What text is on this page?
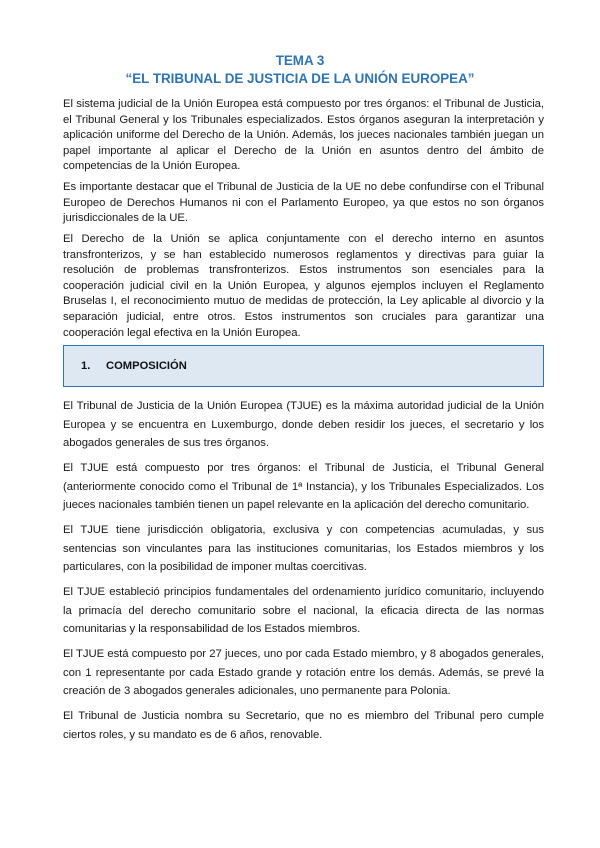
TEMA 3
“EL TRIBUNAL DE JUSTICIA DE LA UNIÓN EUROPEA”

El sistema judicial de la Unión Europea está compuesto por tres órganos: el Tribunal de Justicia, el Tribunal General y los Tribunales especializados. Estos órganos aseguran la interpretación y aplicación uniforme del Derecho de la Unión. Además, los jueces nacionales también juegan un papel importante al aplicar el Derecho de la Unión en asuntos dentro del ámbito de competencias de la Unión Europea.

Es importante destacar que el Tribunal de Justicia de la UE no debe confundirse con el Tribunal Europeo de Derechos Humanos ni con el Parlamento Europeo, ya que estos no son órganos jurisdiccionales de la UE.

El Derecho de la Unión se aplica conjuntamente con el derecho interno en asuntos transfronterizos, y se han establecido numerosos reglamentos y directivas para guiar la resolución de problemas transfronterizos. Estos instrumentos son esenciales para la cooperación judicial civil en la Unión Europea, y algunos ejemplos incluyen el Reglamento Bruselas I, el reconocimiento mutuo de medidas de protección, la Ley aplicable al divorcio y la separación judicial, entre otros. Estos instrumentos son cruciales para garantizar una cooperación legal efectiva en la Unión Europea.

1. COMPOSICIÓN

El Tribunal de Justicia de la Unión Europea (TJUE) es la máxima autoridad judicial de la Unión Europea y se encuentra en Luxemburgo, donde deben residir los jueces, el secretario y los abogados generales de sus tres órganos.

El TJUE está compuesto por tres órganos: el Tribunal de Justicia, el Tribunal General (anteriormente conocido como el Tribunal de 1ª Instancia), y los Tribunales Especializados. Los jueces nacionales también tienen un papel relevante en la aplicación del derecho comunitario.

El TJUE tiene jurisdicción obligatoria, exclusiva y con competencias acumuladas, y sus sentencias son vinculantes para las instituciones comunitarias, los Estados miembros y los particulares, con la posibilidad de imponer multas coercitivas.

El TJUE estableció principios fundamentales del ordenamiento jurídico comunitario, incluyendo la primacía del derecho comunitario sobre el nacional, la eficacia directa de las normas comunitarias y la responsabilidad de los Estados miembros.

El TJUE está compuesto por 27 jueces, uno por cada Estado miembro, y 8 abogados generales, con 1 representante por cada Estado grande y rotación entre los demás. Además, se prevé la creación de 3 abogados generales adicionales, uno permanente para Polonia.

El Tribunal de Justicia nombra su Secretario, que no es miembro del Tribunal pero cumple ciertos roles, y su mandato es de 6 años, renovable.
